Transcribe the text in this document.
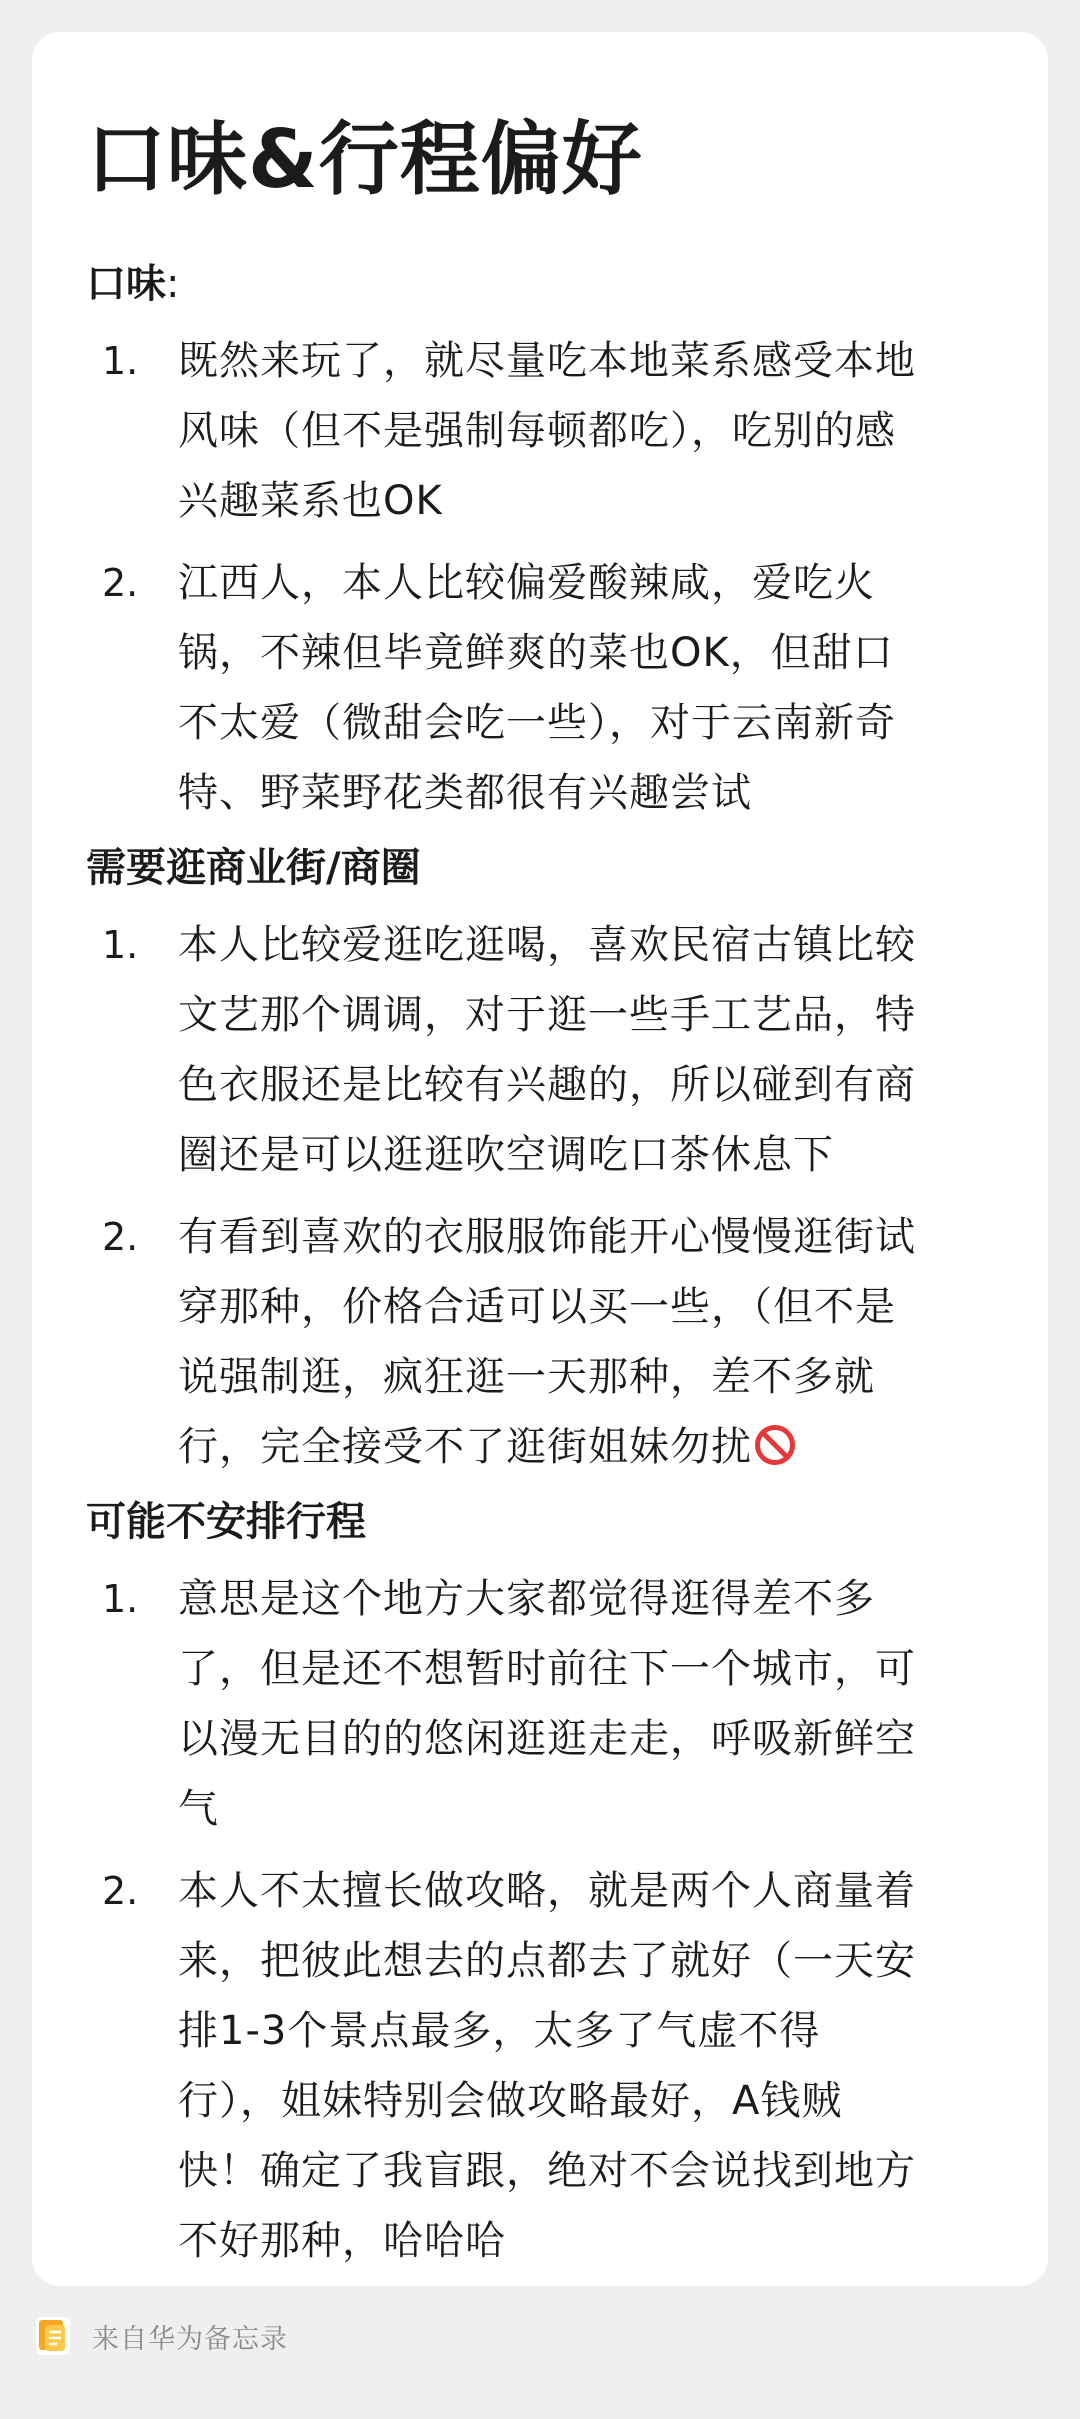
口味&行程偏好
口味:
1. 既然来玩了，就尽量吃本地菜系感受本地风味（但不是强制每顿都吃），吃别的感兴趣菜系也OK
2. 江西人，本人比较偏爱酸辣咸，爱吃火锅，不辣但毕竟鲜爽的菜也OK，但甜口不太爱（微甜会吃一些），对于云南新奇特、野菜野花类都很有兴趣尝试
需要逛商业街/商圈
1. 本人比较爱逛吃逛喝，喜欢民宿古镇比较文艺那个调调，对于逛一些手工艺品，特色衣服还是比较有兴趣的，所以碰到有商圈还是可以逛逛吹空调吃口茶休息下
2. 有看到喜欢的衣服服饰能开心慢慢逛街试穿那种，价格合适可以买一些，（但不是说强制逛，疯狂逛一天那种，差不多就行，完全接受不了逛街姐妹勿扰
可能不安排行程
1. 意思是这个地方大家都觉得逛得差不多了，但是还不想暂时前往下一个城市，可以漫无目的的悠闲逛逛走走，呼吸新鲜空气
2. 本人不太擅长做攻略，就是两个人商量着来，把彼此想去的点都去了就好（一天安排1-3个景点最多，太多了气虚不得行），姐妹特别会做攻略最好，A钱贼快！确定了我盲跟，绝对不会说找到地方不好那种，哈哈哈
来自华为备忘录
